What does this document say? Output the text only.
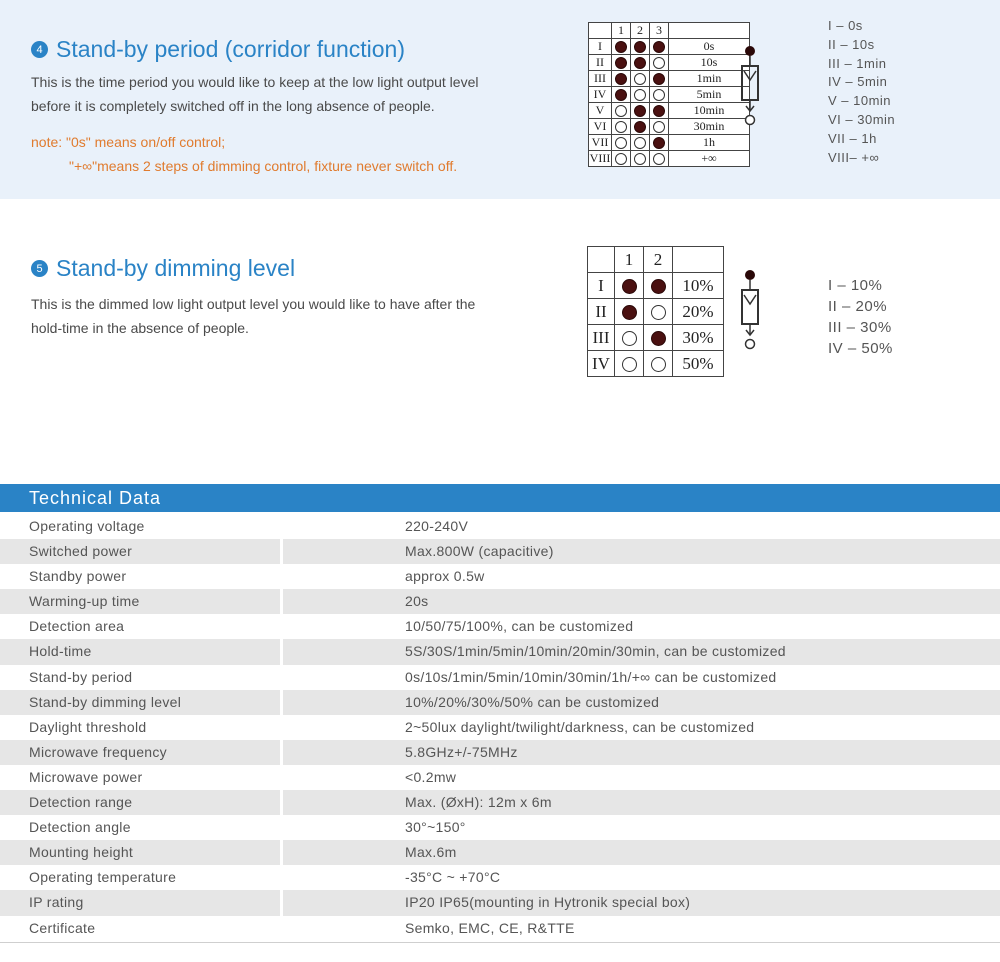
4 Stand-by period (corridor function)
This is the time period you would like to keep at the low light output level
before it is completely switched off in the long absence of people.
note: "0s" means on/off control;
"+∞"means 2 steps of dimming control, fixture never switch off.
	1	2	3	
I				0s
II				10s
III				1min
IV				5min
V				10min
VI				30min
VII				1h
VIII				+∞
I – 0s
II – 10s
III – 1min
IV – 5min
V – 10min
VI – 30min
VII – 1h
VIII– +∞
5 Stand-by dimming level
This is the dimmed low light output level you would like to have after the
hold-time in the absence of people.
	1	2	
I			10%
II			20%
III			30%
IV			50%
I – 10%
II – 20%
III – 30%
IV – 50%
Technical Data
Operating voltage	220-240V
Switched power	Max.800W (capacitive)
Standby power	approx 0.5w
Warming-up time	20s
Detection area	10/50/75/100%, can be customized
Hold-time	5S/30S/1min/5min/10min/20min/30min, can be customized
Stand-by period	0s/10s/1min/5min/10min/30min/1h/+∞ can be customized
Stand-by dimming level	10%/20%/30%/50% can be customized
Daylight threshold	2~50lux daylight/twilight/darkness, can be customized
Microwave frequency	5.8GHz+/-75MHz
Microwave power	<0.2mw
Detection range	Max. (ØxH): 12m x 6m
Detection angle	30°~150°
Mounting height	Max.6m
Operating temperature	-35°C ~ +70°C
IP rating	IP20 IP65(mounting in Hytronik special box)
Certificate	Semko, EMC, CE, R&TTE
